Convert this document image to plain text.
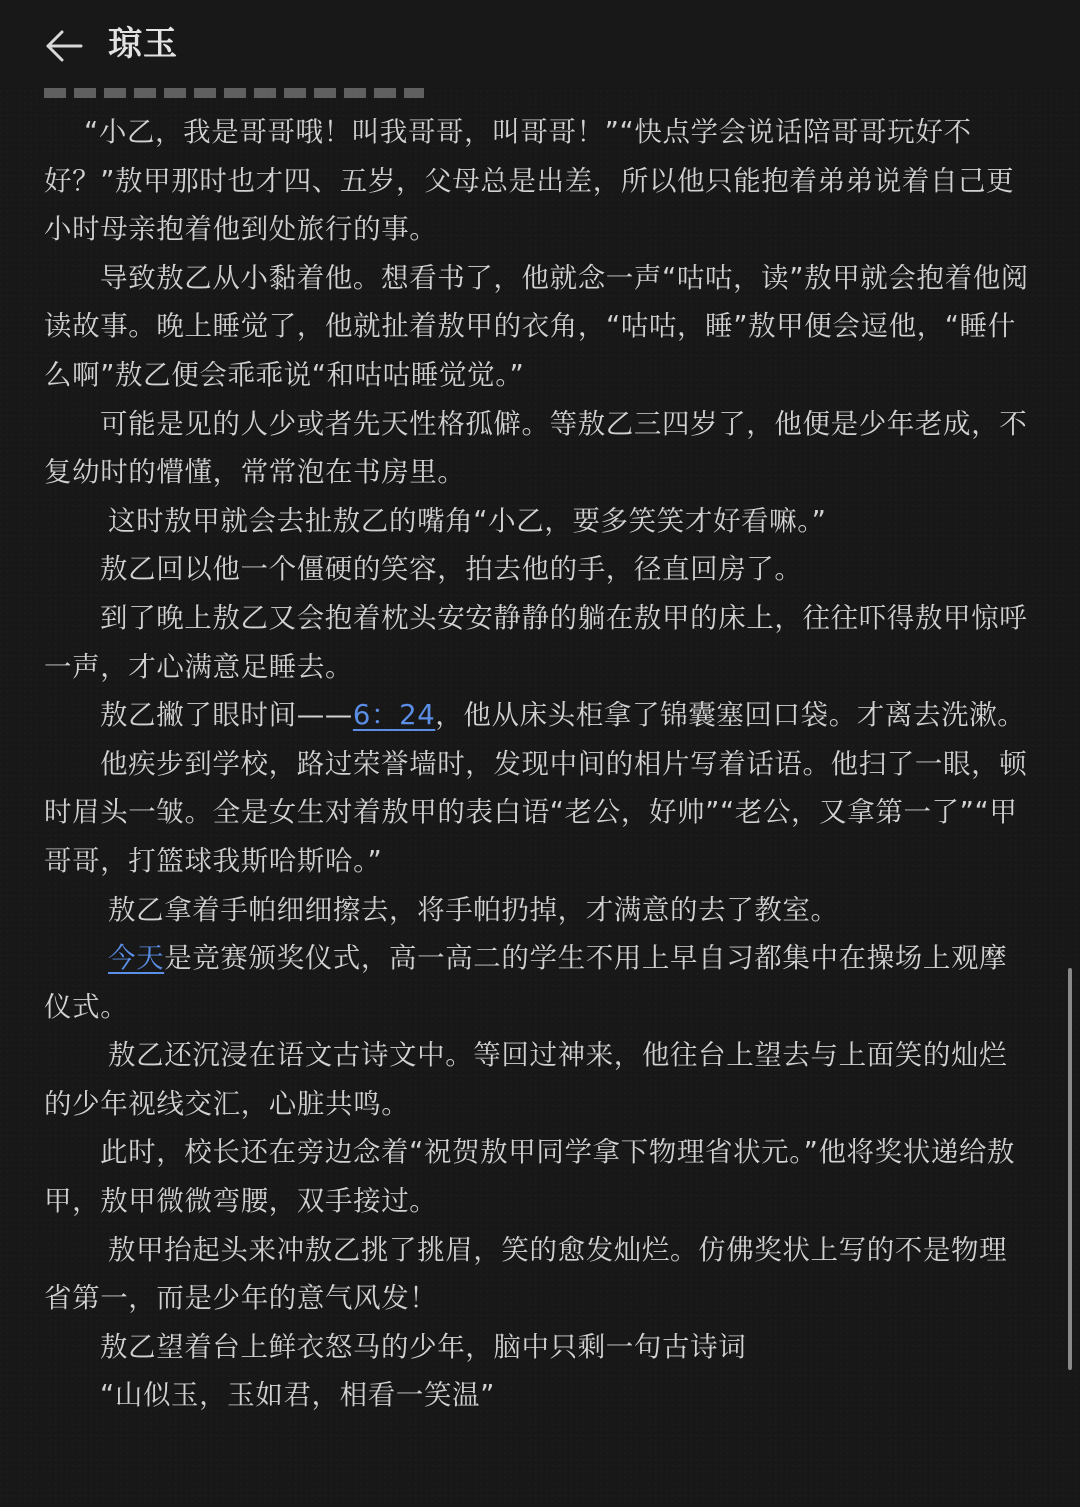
琼玉

“小乙，我是哥哥哦！叫我哥哥，叫哥哥！”“快点学会说话陪哥哥玩好不好？”敖甲那时也才四、五岁，父母总是出差，所以他只能抱着弟弟说着自己更小时母亲抱着他到处旅行的事。

导致敖乙从小黏着他。想看书了，他就念一声“咕咕，读”敖甲就会抱着他阅读故事。晚上睡觉了，他就扯着敖甲的衣角，“咕咕，睡”敖甲便会逗他，“睡什么啊”敖乙便会乖乖说“和咕咕睡觉觉。”

可能是见的人少或者先天性格孤僻。等敖乙三四岁了，他便是少年老成，不复幼时的懵懂，常常泡在书房里。

这时敖甲就会去扯敖乙的嘴角“小乙，要多笑笑才好看嘛。”

敖乙回以他一个僵硬的笑容，拍去他的手，径直回房了。

到了晚上敖乙又会抱着枕头安安静静的躺在敖甲的床上，往往吓得敖甲惊呼一声，才心满意足睡去。

敖乙撇了眼时间——6：24，他从床头柜拿了锦囊塞回口袋。才离去洗漱。

他疾步到学校，路过荣誉墙时，发现中间的相片写着话语。他扫了一眼，顿时眉头一皱。全是女生对着敖甲的表白语“老公，好帅”“老公，又拿第一了”“甲哥哥，打篮球我斯哈斯哈。”

敖乙拿着手帕细细擦去，将手帕扔掉，才满意的去了教室。

今天是竞赛颁奖仪式，高一高二的学生不用上早自习都集中在操场上观摩仪式。

敖乙还沉浸在语文古诗文中。等回过神来，他往台上望去与上面笑的灿烂的少年视线交汇，心脏共鸣。

此时，校长还在旁边念着“祝贺敖甲同学拿下物理省状元。”他将奖状递给敖甲，敖甲微微弯腰，双手接过。

敖甲抬起头来冲敖乙挑了挑眉，笑的愈发灿烂。仿佛奖状上写的不是物理省第一，而是少年的意气风发！

敖乙望着台上鲜衣怒马的少年，脑中只剩一句古诗词

“山似玉，玉如君，相看一笑温”
